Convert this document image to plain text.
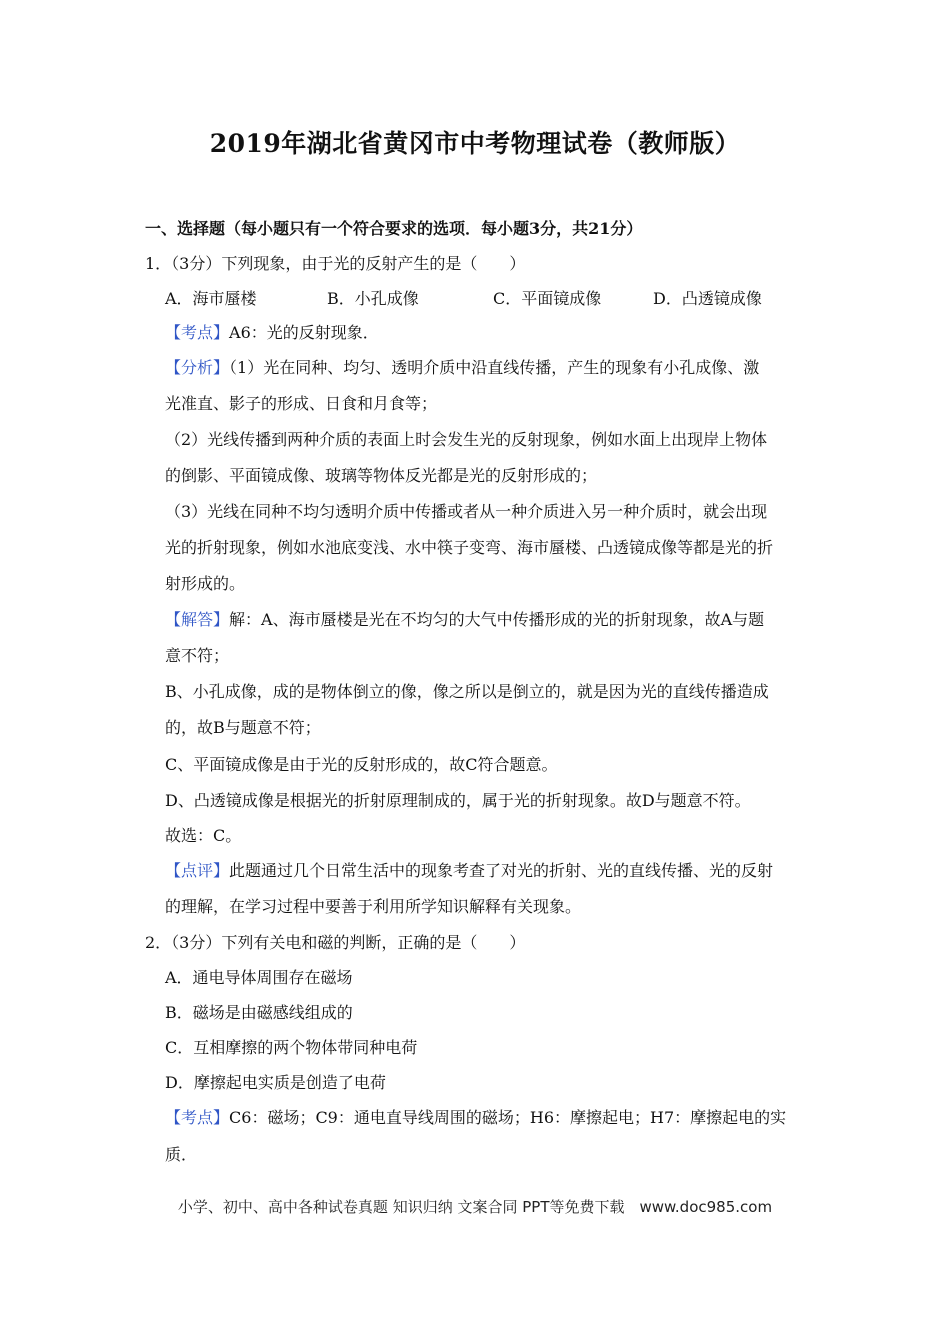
2019年湖北省黄冈市中考物理试卷（教师版）
一、选择题（每小题只有一个符合要求的选项．每小题3分，共21分）
1．（3分）下列现象，由于光的反射产生的是（　　）
A．海市蜃楼	B．小孔成像	C．平面镜成像	D．凸透镜成像
【考点】A6：光的反射现象．
【分析】（1）光在同种、均匀、透明介质中沿直线传播，产生的现象有小孔成像、激
光准直、影子的形成、日食和月食等；
（2）光线传播到两种介质的表面上时会发生光的反射现象，例如水面上出现岸上物体
的倒影、平面镜成像、玻璃等物体反光都是光的反射形成的；
（3）光线在同种不均匀透明介质中传播或者从一种介质进入另一种介质时，就会出现
光的折射现象，例如水池底变浅、水中筷子变弯、海市蜃楼、凸透镜成像等都是光的折
射形成的。
【解答】解：A、海市蜃楼是光在不均匀的大气中传播形成的光的折射现象，故A与题
意不符；
B、小孔成像，成的是物体倒立的像，像之所以是倒立的，就是因为光的直线传播造成
的，故B与题意不符；
C、平面镜成像是由于光的反射形成的，故C符合题意。
D、凸透镜成像是根据光的折射原理制成的，属于光的折射现象。故D与题意不符。
故选：C。
【点评】此题通过几个日常生活中的现象考查了对光的折射、光的直线传播、光的反射
的理解，在学习过程中要善于利用所学知识解释有关现象。
2．（3分）下列有关电和磁的判断，正确的是（　　）
A．通电导体周围存在磁场
B．磁场是由磁感线组成的
C．互相摩擦的两个物体带同种电荷
D．摩擦起电实质是创造了电荷
【考点】C6：磁场；C9：通电直导线周围的磁场；H6：摩擦起电；H7：摩擦起电的实
质．
小学、初中、高中各种试卷真题 知识归纳 文案合同 PPT等免费下载　www.doc985.com
